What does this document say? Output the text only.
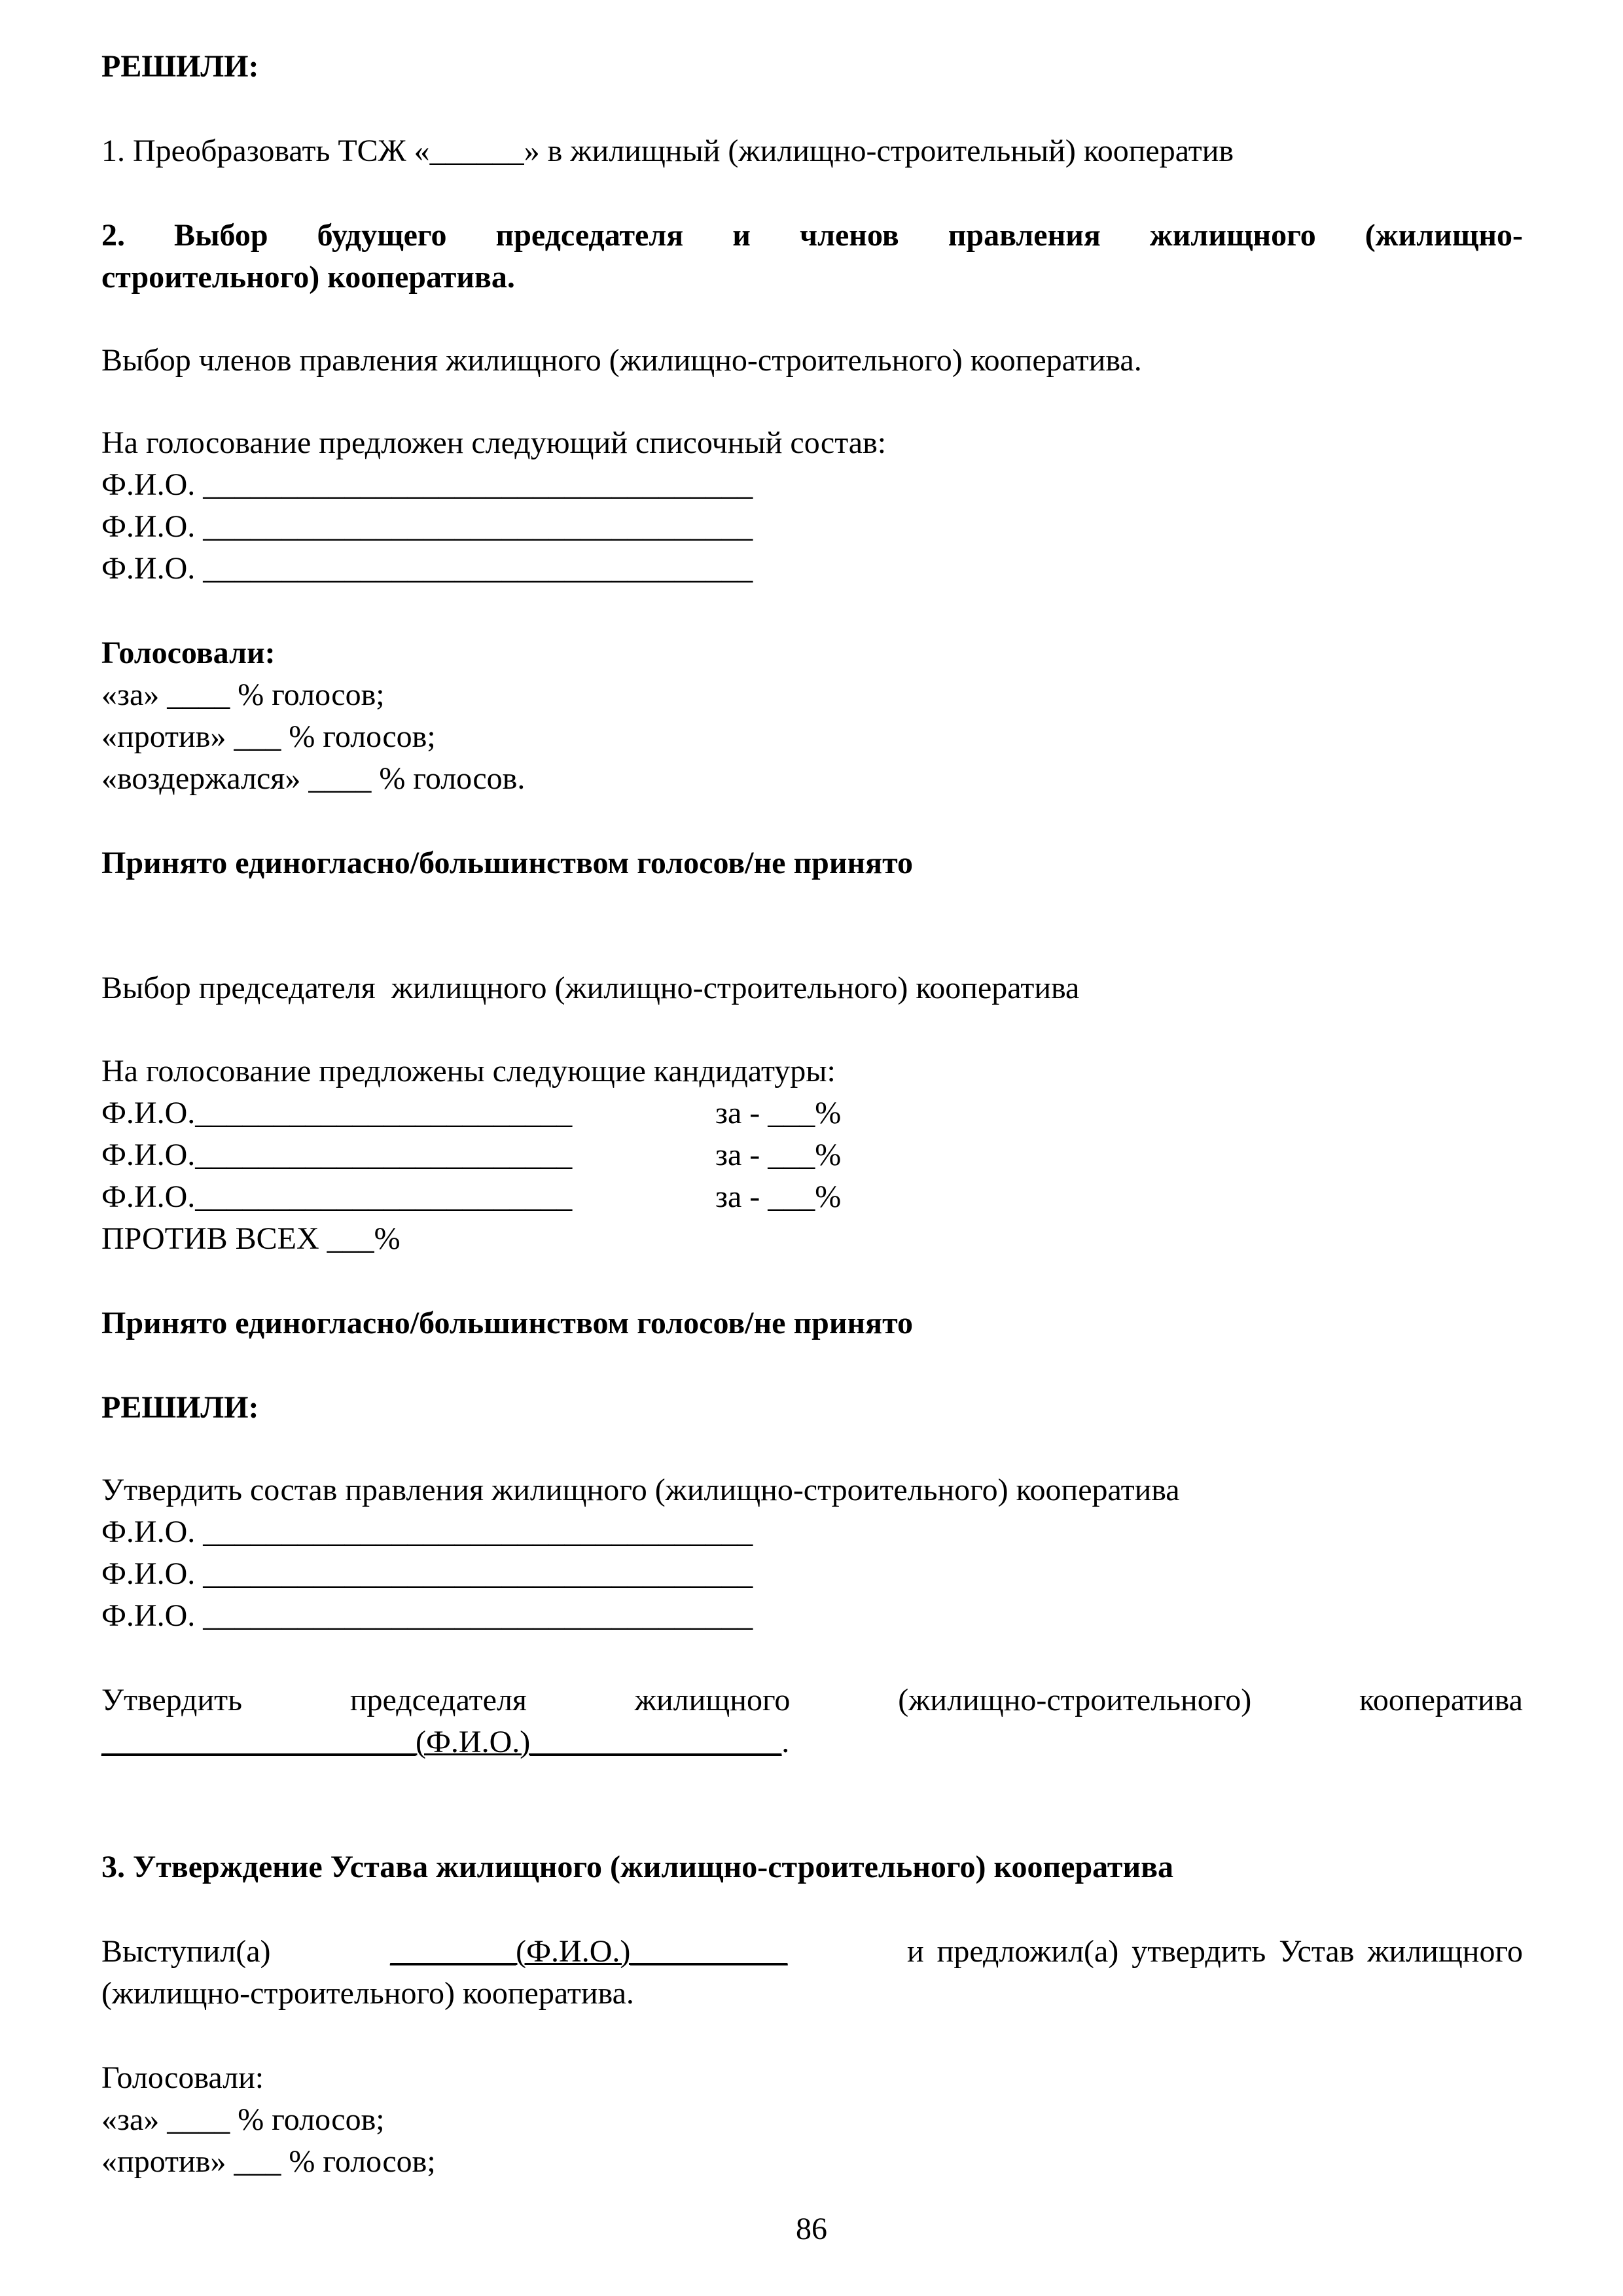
РЕШИЛИ:
1. Преобразовать ТСЖ «______» в жилищный (жилищно-строительный) кооператив
2. Выбор будущего председателя и членов правления жилищного (жилищно-
строительного) кооператива.
Выбор членов правления жилищного (жилищно-строительного) кооператива.
На голосование предложен следующий списочный состав:
Ф.И.О. ___________________________________
Ф.И.О. ___________________________________
Ф.И.О. ___________________________________
Голосовали:
«за» ____ % голосов;
«против» ___ % голосов;
«воздержался» ____ % голосов.
Принято единогласно/большинством голосов/не принято
Выбор председателя  жилищного (жилищно-строительного) кооператива
На голосование предложены следующие кандидатуры:
Ф.И.О.________________________	за - ___%
Ф.И.О.________________________	за - ___%
Ф.И.О.________________________	за - ___%
ПРОТИВ ВСЕХ ___%
Принято единогласно/большинством голосов/не принято
РЕШИЛИ:
Утвердить состав правления жилищного (жилищно-строительного) кооператива
Ф.И.О. ___________________________________
Ф.И.О. ___________________________________
Ф.И.О. ___________________________________
Утвердить	председателя	жилищного	(жилищно-строительного)	кооператива
____________________(Ф.И.О.)________________.
3. Утверждение Устава жилищного (жилищно-строительного) кооператива
Выступил(а)	________(Ф.И.О.)__________	и предложил(а) утвердить Устав жилищного
(жилищно-строительного) кооператива.
Голосовали:
«за» ____ % голосов;
«против» ___ % голосов;
86
